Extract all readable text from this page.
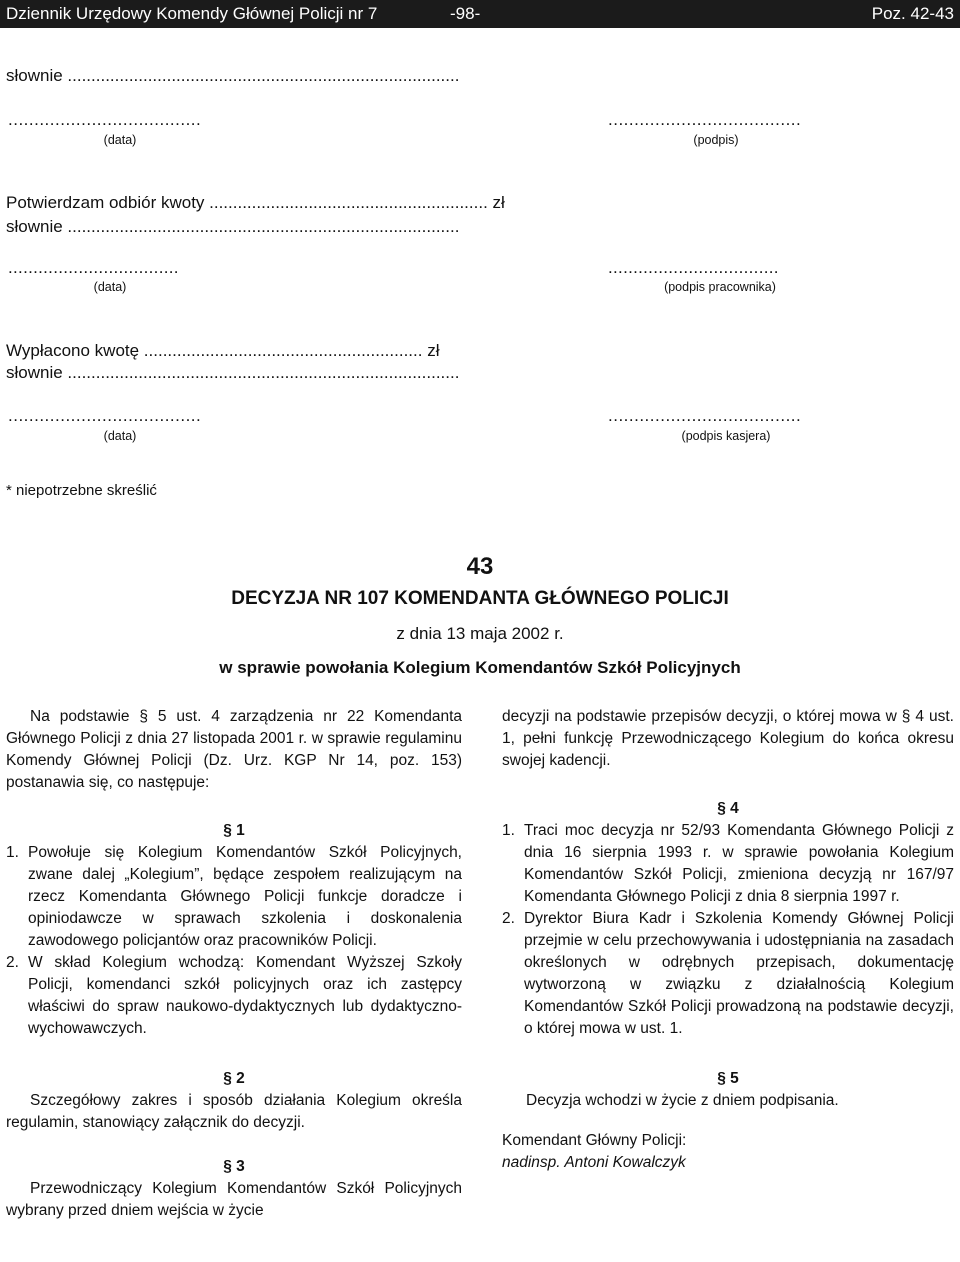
Dziennik Urzędowy Komendy Głównej Policji nr 7	-98-	Poz. 42-43
słownie ...................................................................................
.....................................	.....................................
(data)	(podpis)
Potwierdzam odbiór kwoty ........................................................... zł
słownie ...................................................................................
..................................	..................................
(data)	(podpis pracownika)
Wypłacono kwotę ........................................................... zł
słownie ...................................................................................
.....................................	.....................................
(data)	(podpis kasjera)
* niepotrzebne skreślić
43
DECYZJA NR 107 KOMENDANTA GŁÓWNEGO POLICJI
z dnia 13 maja 2002 r.
w sprawie powołania Kolegium Komendantów Szkół Policyjnych

Na podstawie § 5 ust. 4 zarządzenia nr 22 Komendanta Głównego Policji z dnia 27 listopada 2001 r. w sprawie regulaminu Komendy Głównej Policji (Dz. Urz. KGP Nr 14, poz. 153) postanawia się, co następuje:

§ 1

1. Powołuje się Kolegium Komendantów Szkół Policyjnych, zwane dalej „Kolegium”, będące zespołem realizującym na rzecz Komendanta Głównego Policji funkcje doradcze i opiniodawcze w sprawach szkolenia i doskonalenia zawodowego policjantów oraz pracowników Policji.
2. W skład Kolegium wchodzą: Komendant Wyższej Szkoły Policji, komendanci szkół policyjnych oraz ich zastępcy właściwi do spraw naukowo-dydaktycznych lub dydaktyczno-wychowawczych.

§ 2

Szczegółowy zakres i sposób działania Kolegium określa regulamin, stanowiący załącznik do decyzji.

§ 3

Przewodniczący Kolegium Komendantów Szkół Policyjnych wybrany przed dniem wejścia w życie

decyzji na podstawie przepisów decyzji, o której mowa w § 4 ust. 1, pełni funkcję Przewodniczącego Kolegium do końca okresu swojej kadencji.

§ 4

1. Traci moc decyzja nr 52/93 Komendanta Głównego Policji z dnia 16 sierpnia 1993 r. w sprawie powołania Kolegium Komendantów Szkół Policji, zmieniona decyzją nr 167/97 Komendanta Głównego Policji z dnia 8 sierpnia 1997 r.
2. Dyrektor Biura Kadr i Szkolenia Komendy Głównej Policji przejmie w celu przechowywania i udostępniania na zasadach określonych w odrębnych przepisach, dokumentację wytworzoną w związku z działalnością Kolegium Komendantów Szkół Policji prowadzoną na podstawie decyzji, o której mowa w ust. 1.

§ 5

Decyzja wchodzi w życie z dniem podpisania.

Komendant Główny Policji:

nadinsp. Antoni Kowalczyk
